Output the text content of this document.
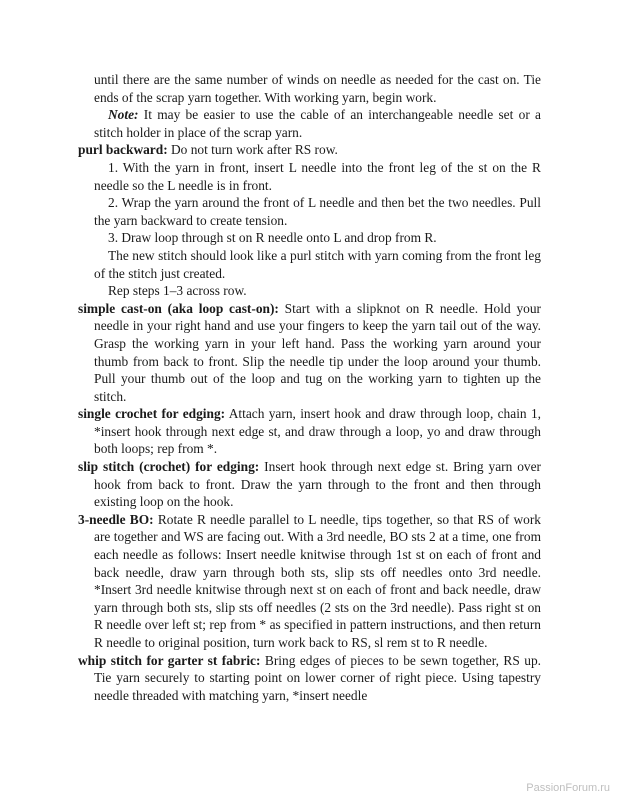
until there are the same number of winds on needle as needed for the cast on. Tie ends of the scrap yarn together. With working yarn, begin work.

Note: It may be easier to use the cable of an interchangeable needle set or a stitch holder in place of the scrap yarn.

purl backward: Do not turn work after RS row.

1. With the yarn in front, insert L needle into the front leg of the st on the R needle so the L needle is in front.

2. Wrap the yarn around the front of L needle and then bet the two needles. Pull the yarn backward to create tension.

3. Draw loop through st on R needle onto L and drop from R.

The new stitch should look like a purl stitch with yarn coming from the front leg of the stitch just created.

Rep steps 1–3 across row.

simple cast-on (aka loop cast-on): Start with a slipknot on R needle. Hold your needle in your right hand and use your fingers to keep the yarn tail out of the way. Grasp the working yarn in your left hand. Pass the working yarn around your thumb from back to front. Slip the needle tip under the loop around your thumb. Pull your thumb out of the loop and tug on the working yarn to tighten up the stitch.

single crochet for edging: Attach yarn, insert hook and draw through loop, chain 1, *insert hook through next edge st, and draw through a loop, yo and draw through both loops; rep from *.

slip stitch (crochet) for edging: Insert hook through next edge st. Bring yarn over hook from back to front. Draw the yarn through to the front and then through existing loop on the hook.

3-needle BO: Rotate R needle parallel to L needle, tips together, so that RS of work are together and WS are facing out. With a 3rd needle, BO sts 2 at a time, one from each needle as follows: Insert needle knitwise through 1st st on each of front and back needle, draw yarn through both sts, slip sts off needles onto 3rd needle. *Insert 3rd needle knitwise through next st on each of front and back needle, draw yarn through both sts, slip sts off needles (2 sts on the 3rd needle). Pass right st on R needle over left st; rep from * as specified in pattern instructions, and then return R needle to original position, turn work back to RS, sl rem st to R needle.

whip stitch for garter st fabric: Bring edges of pieces to be sewn together, RS up. Tie yarn securely to starting point on lower corner of right piece. Using tapestry needle threaded with matching yarn, *insert needle

PassionForum.ru
